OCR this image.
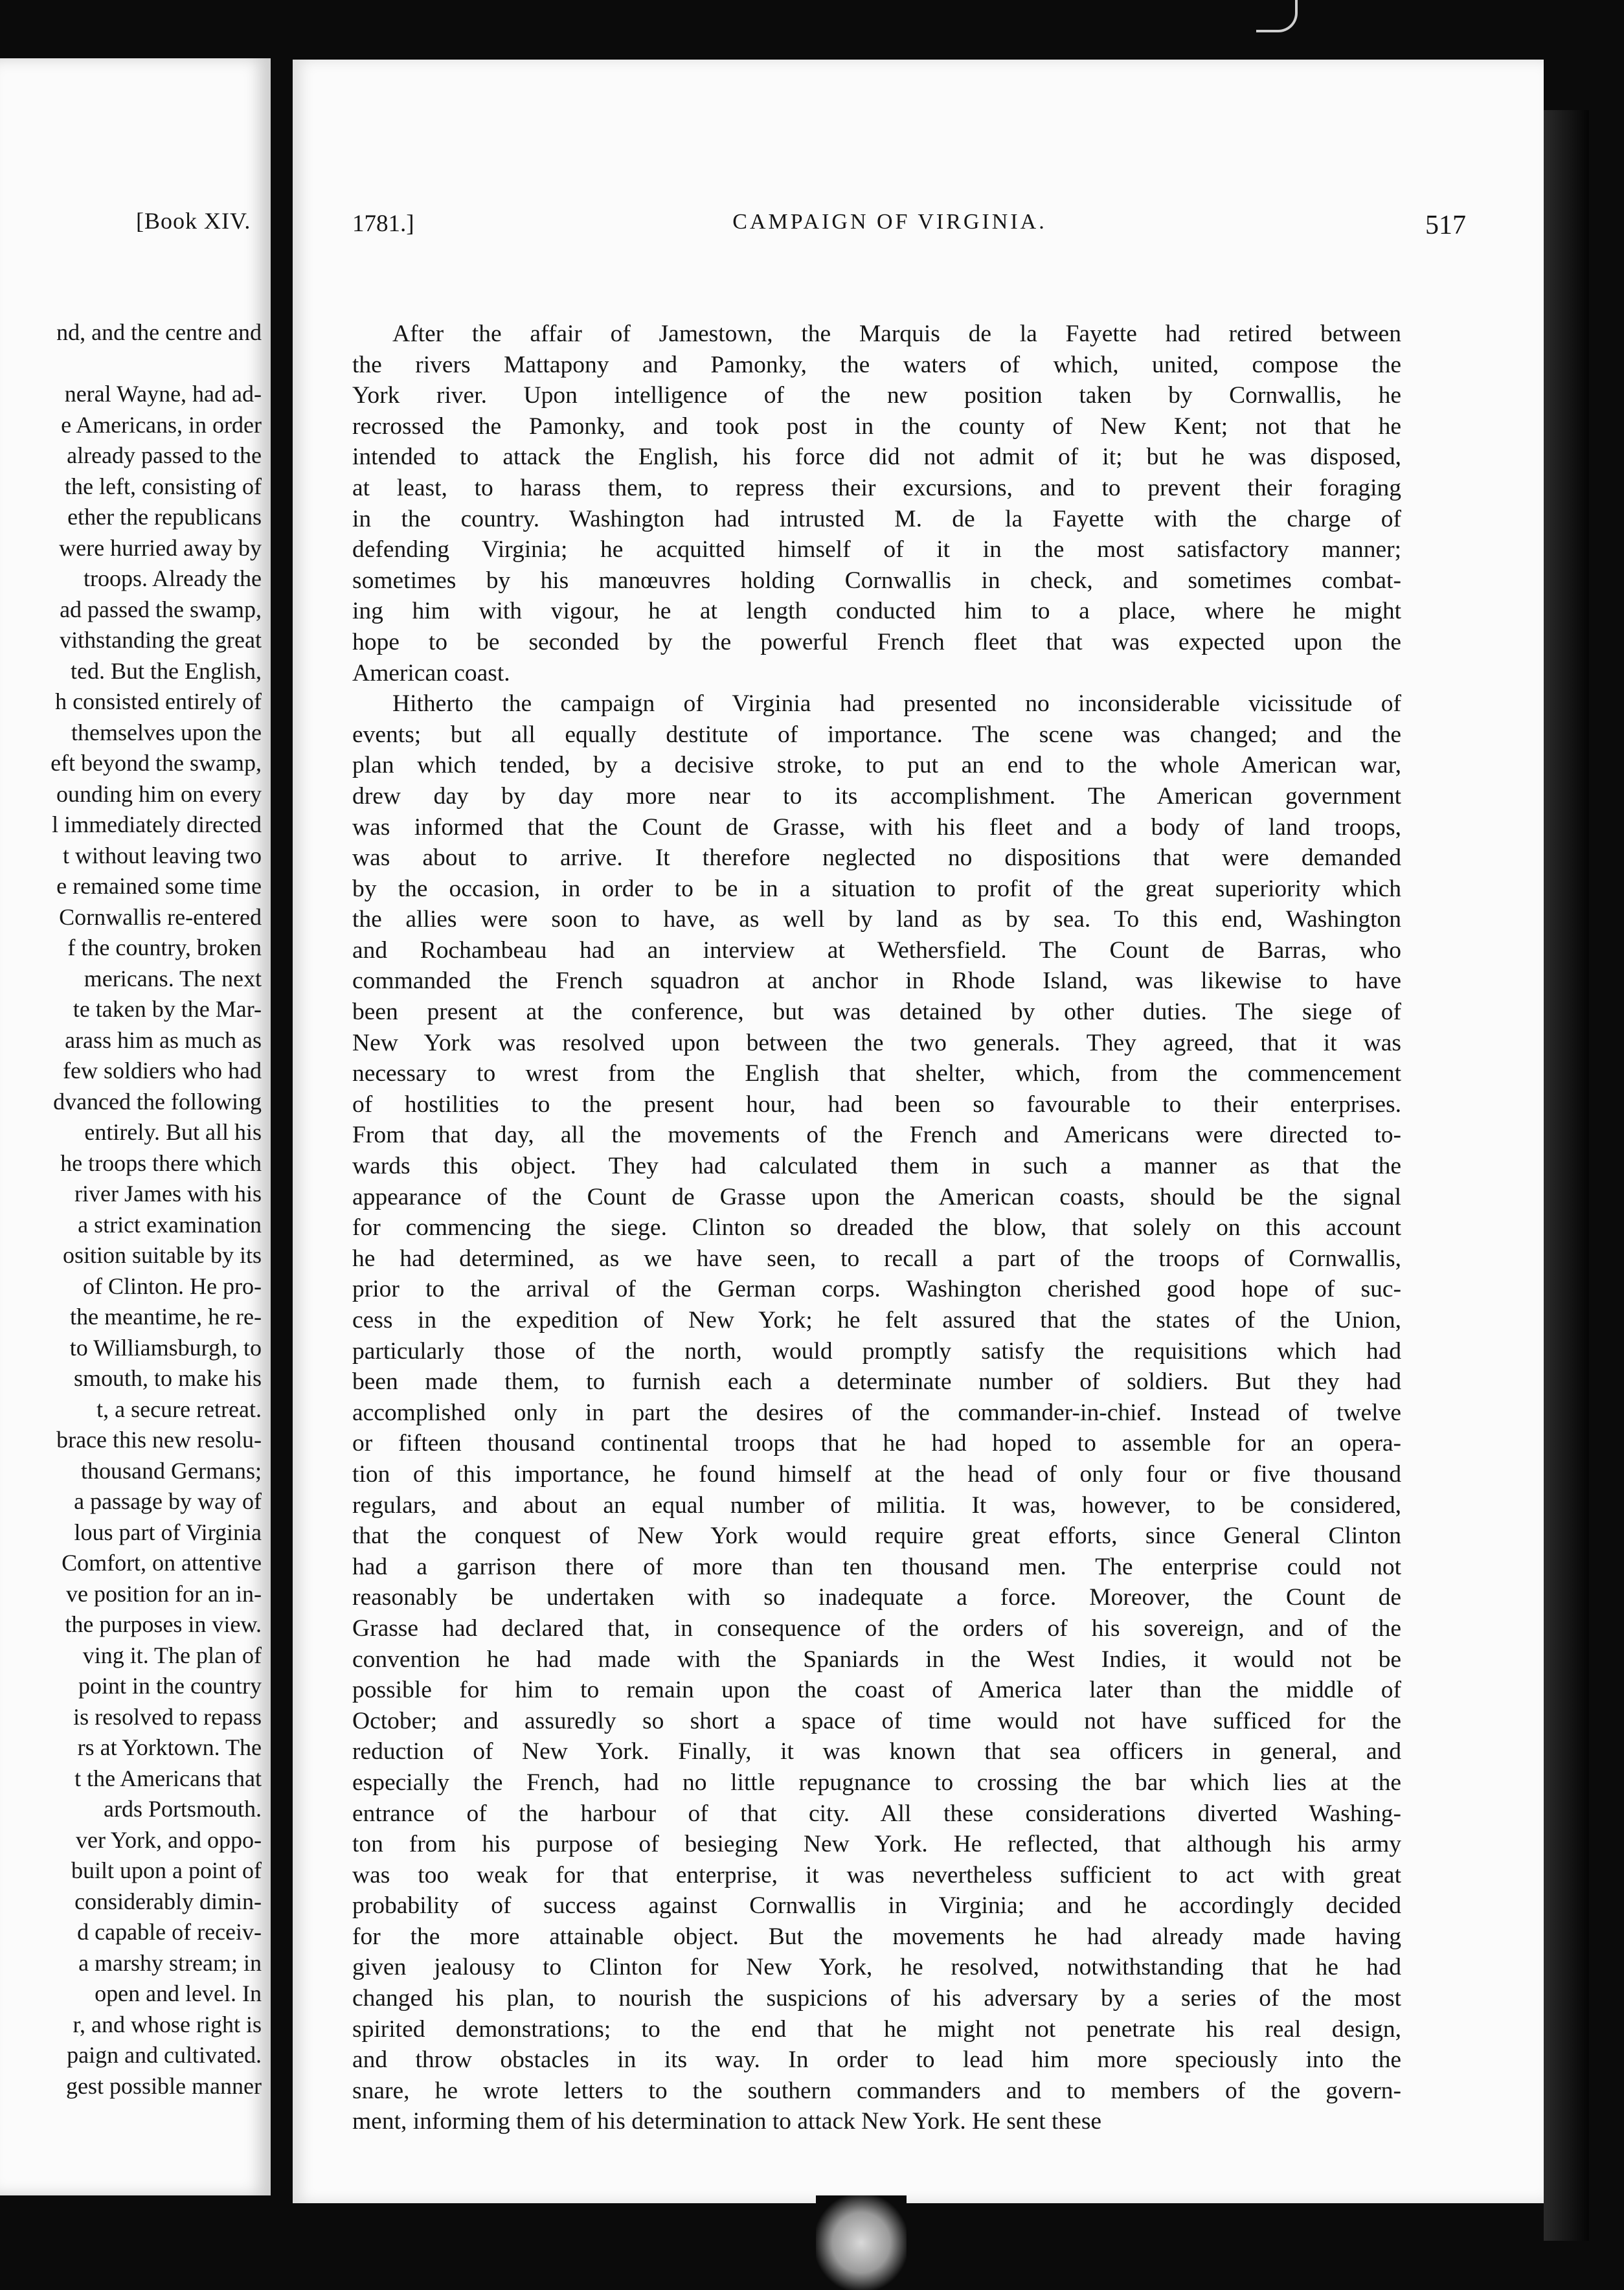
[Book XIV.
nd, and the centre and

neral Wayne, had ad-
e Americans, in order
already passed to the
the left, consisting of
ether the republicans
were hurried away by
troops. Already the
ad passed the swamp,
vithstanding the great
ted. But the English,
h consisted entirely of
themselves upon the
eft beyond the swamp,
ounding him on every
l immediately directed
t without leaving two
e remained some time
Cornwallis re-entered
f the country, broken
mericans. The next
te taken by the Mar-
arass him as much as
few soldiers who had
dvanced the following
entirely. But all his
he troops there which
river James with his
a strict examination
osition suitable by its
of Clinton. He pro-
the meantime, he re-
to Williamsburgh, to
smouth, to make his
t, a secure retreat.
brace this new resolu-
thousand Germans;
a passage by way of
lous part of Virginia
Comfort, on attentive
ve position for an in-
the purposes in view.
ving it. The plan of
point in the country
is resolved to repass
rs at Yorktown. The
t the Americans that
ards Portsmouth.
ver York, and oppo-
built upon a point of
considerably dimin-
d capable of receiv-
a marshy stream; in
open and level. In
r, and whose right is
paign and cultivated.
gest possible manner
1781.]	CAMPAIGN OF VIRGINIA.	517
After the affair of Jamestown, the Marquis de la Fayette had retired between
the rivers Mattapony and Pamonky, the waters of which, united, compose the
York river. Upon intelligence of the new position taken by Cornwallis, he
recrossed the Pamonky, and took post in the county of New Kent; not that he
intended to attack the English, his force did not admit of it; but he was disposed,
at least, to harass them, to repress their excursions, and to prevent their foraging
in the country. Washington had intrusted M. de la Fayette with the charge of
defending Virginia; he acquitted himself of it in the most satisfactory manner;
sometimes by his manœuvres holding Cornwallis in check, and sometimes combat-
ing him with vigour, he at length conducted him to a place, where he might
hope to be seconded by the powerful French fleet that was expected upon the
American coast.
Hitherto the campaign of Virginia had presented no inconsiderable vicissitude of
events; but all equally destitute of importance. The scene was changed; and the
plan which tended, by a decisive stroke, to put an end to the whole American war,
drew day by day more near to its accomplishment. The American government
was informed that the Count de Grasse, with his fleet and a body of land troops,
was about to arrive. It therefore neglected no dispositions that were demanded
by the occasion, in order to be in a situation to profit of the great superiority which
the allies were soon to have, as well by land as by sea. To this end, Washington
and Rochambeau had an interview at Wethersfield. The Count de Barras, who
commanded the French squadron at anchor in Rhode Island, was likewise to have
been present at the conference, but was detained by other duties. The siege of
New York was resolved upon between the two generals. They agreed, that it was
necessary to wrest from the English that shelter, which, from the commencement
of hostilities to the present hour, had been so favourable to their enterprises.
From that day, all the movements of the French and Americans were directed to-
wards this object. They had calculated them in such a manner as that the
appearance of the Count de Grasse upon the American coasts, should be the signal
for commencing the siege. Clinton so dreaded the blow, that solely on this account
he had determined, as we have seen, to recall a part of the troops of Cornwallis,
prior to the arrival of the German corps. Washington cherished good hope of suc-
cess in the expedition of New York; he felt assured that the states of the Union,
particularly those of the north, would promptly satisfy the requisitions which had
been made them, to furnish each a determinate number of soldiers. But they had
accomplished only in part the desires of the commander-in-chief. Instead of twelve
or fifteen thousand continental troops that he had hoped to assemble for an opera-
tion of this importance, he found himself at the head of only four or five thousand
regulars, and about an equal number of militia. It was, however, to be considered,
that the conquest of New York would require great efforts, since General Clinton
had a garrison there of more than ten thousand men. The enterprise could not
reasonably be undertaken with so inadequate a force. Moreover, the Count de
Grasse had declared that, in consequence of the orders of his sovereign, and of the
convention he had made with the Spaniards in the West Indies, it would not be
possible for him to remain upon the coast of America later than the middle of
October; and assuredly so short a space of time would not have sufficed for the
reduction of New York. Finally, it was known that sea officers in general, and
especially the French, had no little repugnance to crossing the bar which lies at the
entrance of the harbour of that city. All these considerations diverted Washing-
ton from his purpose of besieging New York. He reflected, that although his army
was too weak for that enterprise, it was nevertheless sufficient to act with great
probability of success against Cornwallis in Virginia; and he accordingly decided
for the more attainable object. But the movements he had already made having
given jealousy to Clinton for New York, he resolved, notwithstanding that he had
changed his plan, to nourish the suspicions of his adversary by a series of the most
spirited demonstrations; to the end that he might not penetrate his real design,
and throw obstacles in its way. In order to lead him more speciously into the
snare, he wrote letters to the southern commanders and to members of the govern-
ment, informing them of his determination to attack New York. He sent these
